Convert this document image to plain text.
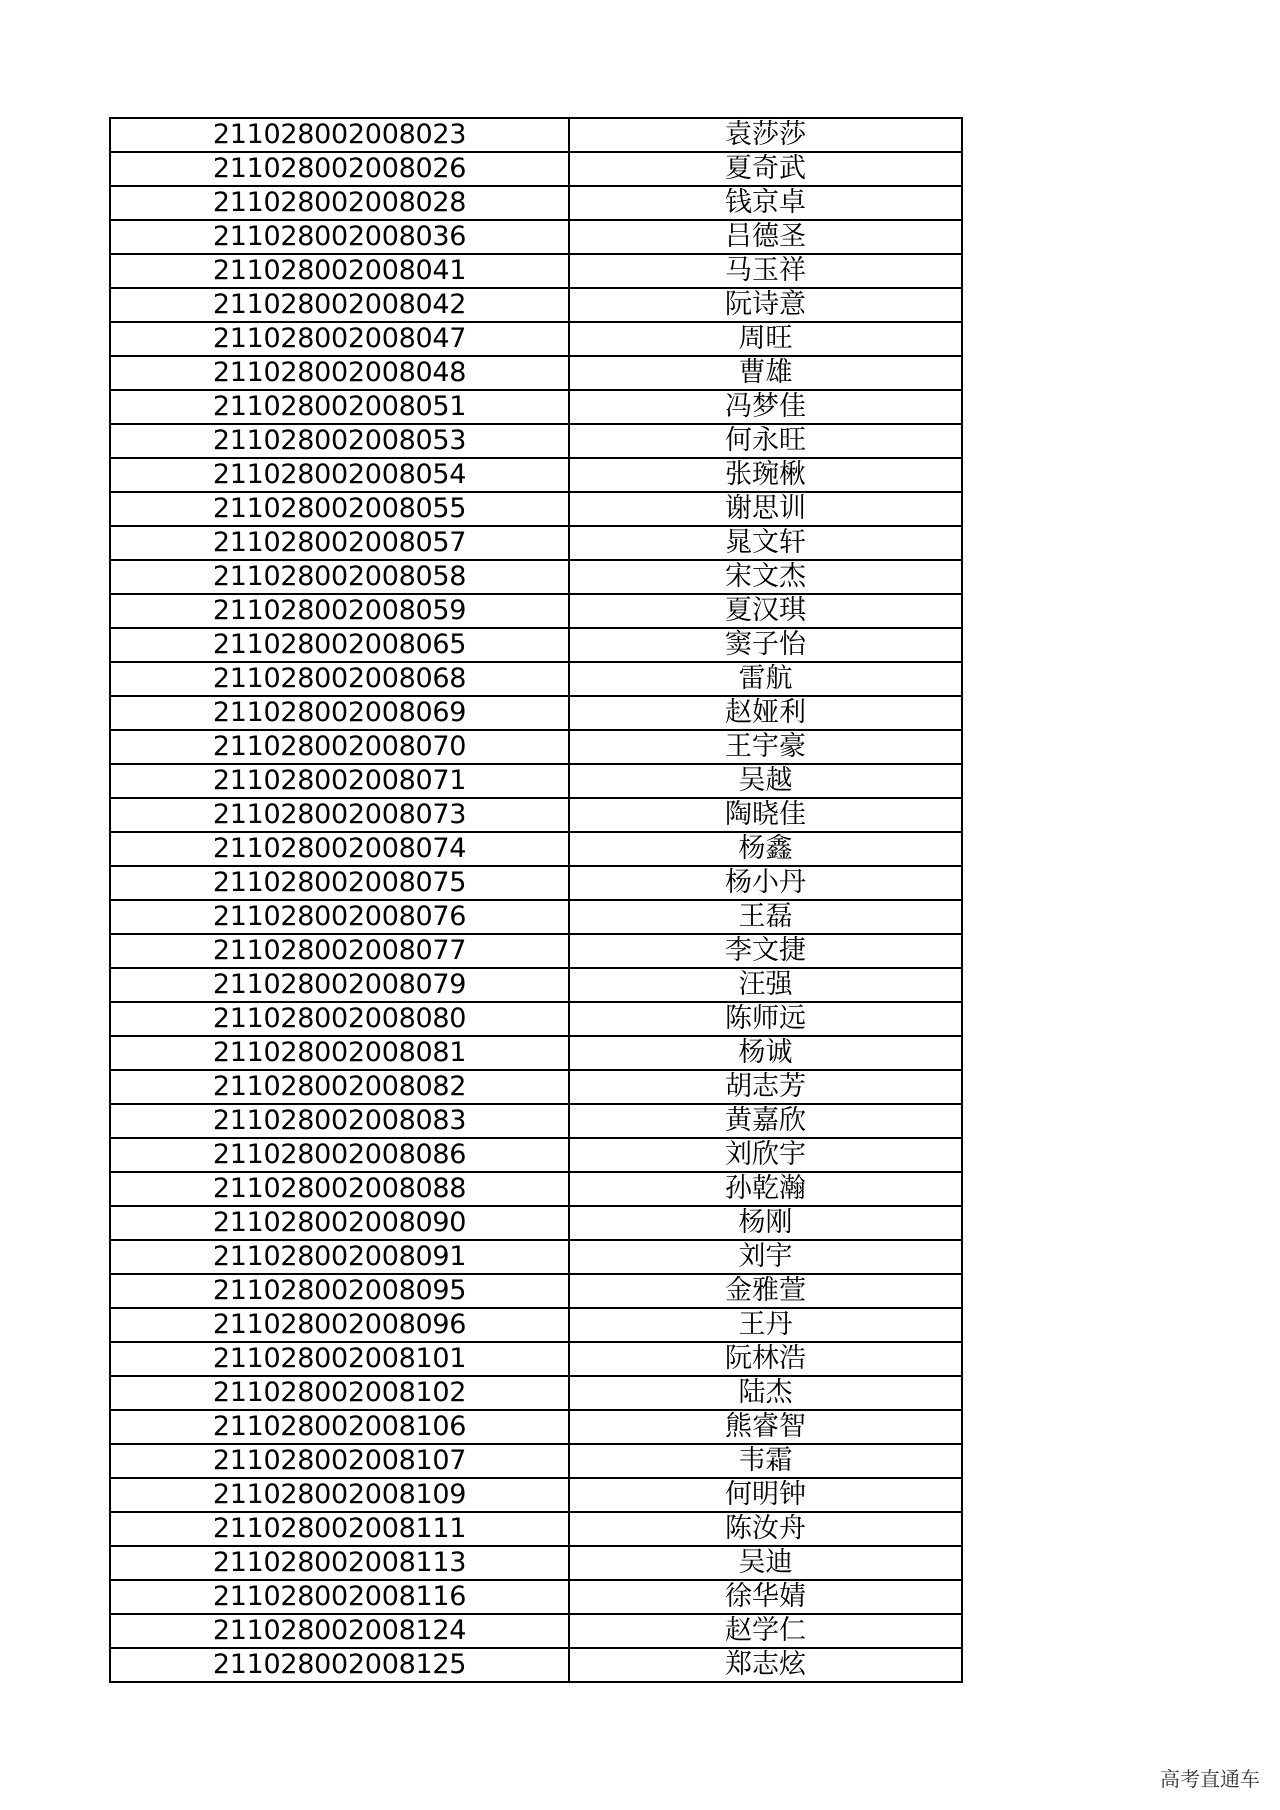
211028002008023	袁莎莎
211028002008026	夏奇武
211028002008028	钱京卓
211028002008036	吕德圣
211028002008041	马玉祥
211028002008042	阮诗意
211028002008047	周旺
211028002008048	曹雄
211028002008051	冯梦佳
211028002008053	何永旺
211028002008054	张琬楸
211028002008055	谢思训
211028002008057	晁文轩
211028002008058	宋文杰
211028002008059	夏汉琪
211028002008065	窦子怡
211028002008068	雷航
211028002008069	赵娅利
211028002008070	王宇豪
211028002008071	吴越
211028002008073	陶晓佳
211028002008074	杨鑫
211028002008075	杨小丹
211028002008076	王磊
211028002008077	李文捷
211028002008079	汪强
211028002008080	陈师远
211028002008081	杨诚
211028002008082	胡志芳
211028002008083	黄嘉欣
211028002008086	刘欣宇
211028002008088	孙乾瀚
211028002008090	杨刚
211028002008091	刘宇
211028002008095	金雅萱
211028002008096	王丹
211028002008101	阮林浩
211028002008102	陆杰
211028002008106	熊睿智
211028002008107	韦霜
211028002008109	何明钟
211028002008111	陈汝舟
211028002008113	吴迪
211028002008116	徐华婧
211028002008124	赵学仁
211028002008125	郑志炫
高考直通车
